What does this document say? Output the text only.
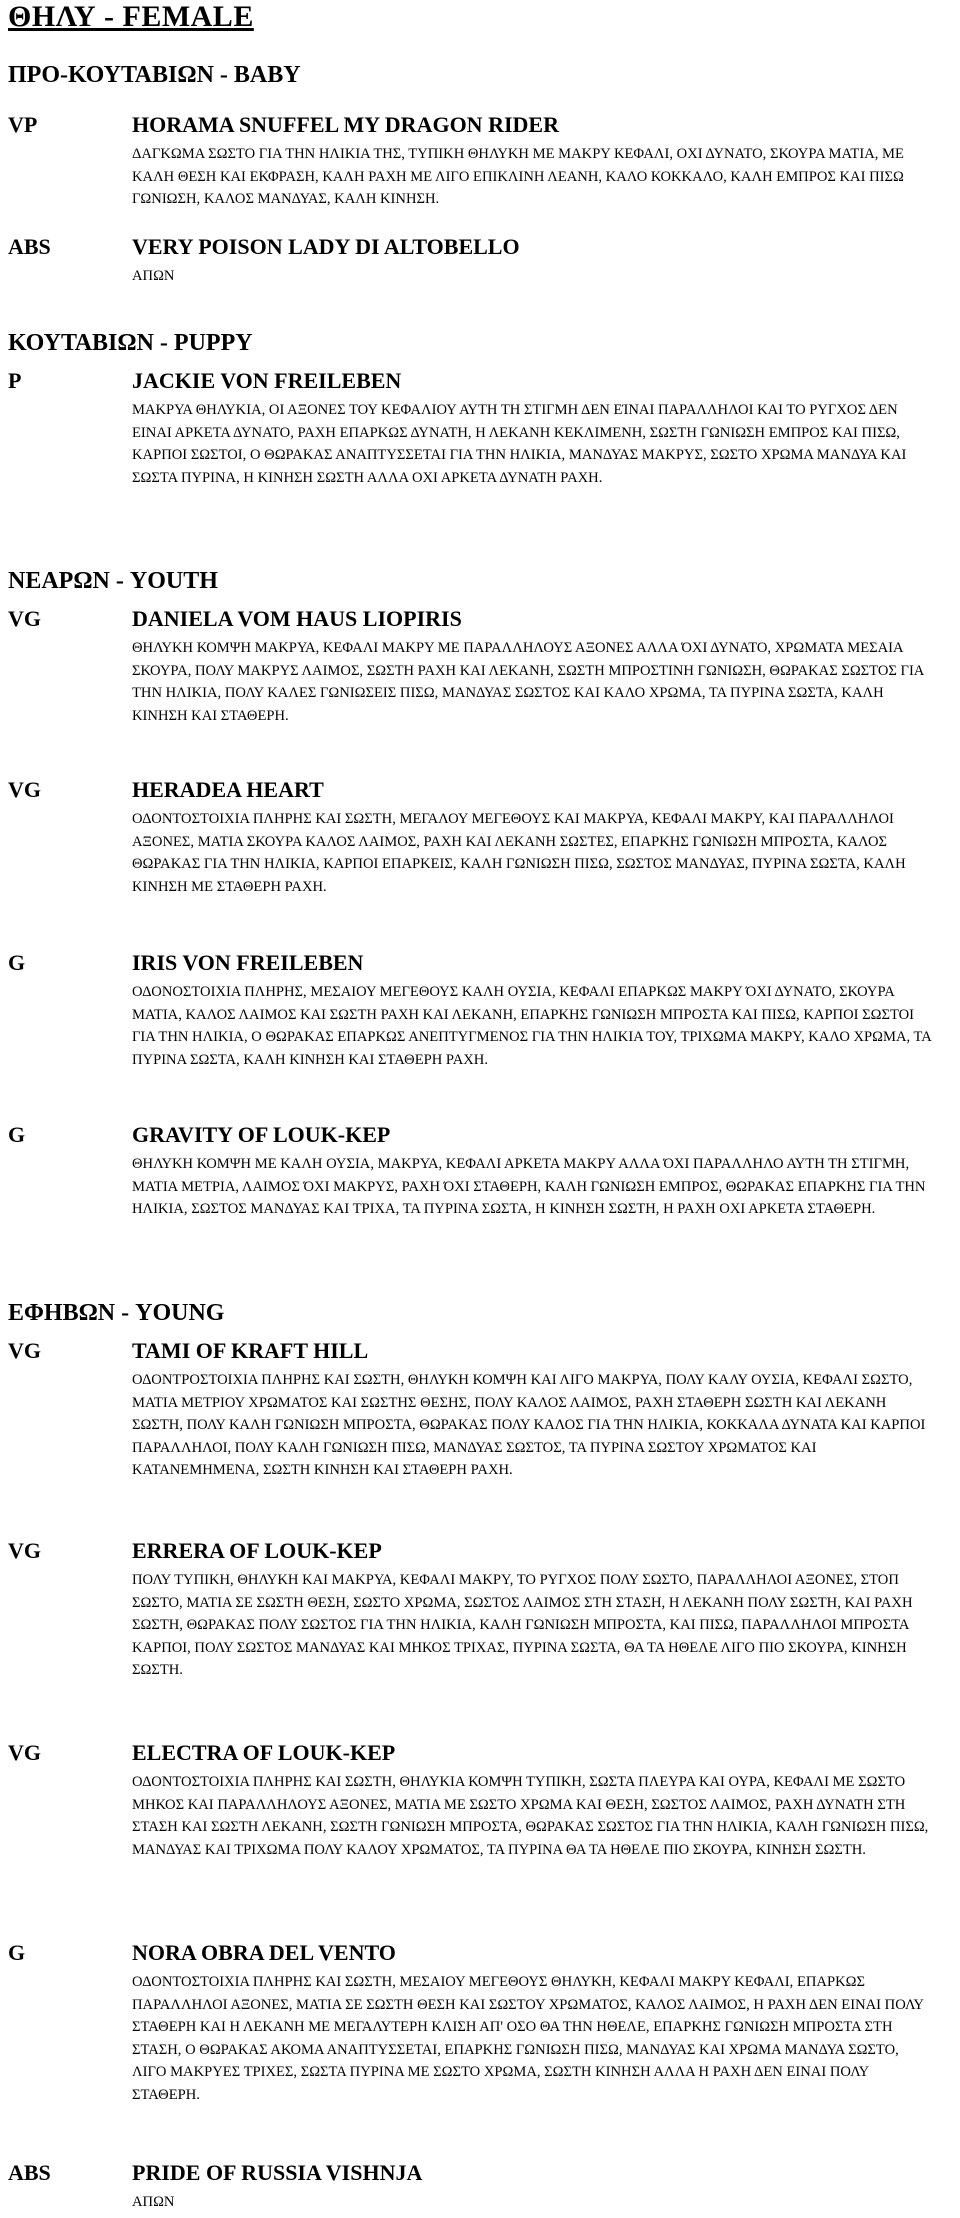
ΘΗΛΥ - FEMALE
ΠΡΟ-ΚΟΥΤΑΒΙΩΝ - BABY
VP	HORAMA SNUFFEL MY DRAGON RIDER
ΔΑΓΚΩΜΑ ΣΩΣΤΟ ΓΙΑ ΤΗΝ ΗΛΙΚΙΑ ΤΗΣ, ΤΥΠΙΚΗ ΘΗΛΥΚΗ ΜΕ ΜΑΚΡΥ ΚΕΦΑΛΙ, ΟΧΙ ΔΥΝΑΤΟ, ΣΚΟΥΡΑ ΜΑΤΙΑ, ΜΕ ΚΑΛΗ ΘΕΣΗ ΚΑΙ ΕΚΦΡΑΣΗ, ΚΑΛΗ ΡΑΧΗ ΜΕ ΛΙΓΟ ΕΠΙΚΛΙΝΗ ΛΕΑΝΗ, ΚΑΛΟ ΚΟΚΚΑΛΟ, ΚΑΛΗ ΕΜΠΡΟΣ ΚΑΙ ΠΙΣΩ ΓΩΝΙΩΣΗ, ΚΑΛΟΣ ΜΑΝΔΥΑΣ, ΚΑΛΗ ΚΙΝΗΣΗ.
ABS	VERY POISON LADY DI ALTOBELLO
ΑΠΩΝ
ΚΟΥΤΑΒΙΩΝ - PUPPY
P	JACKIE VON FREILEBEN
ΜΑΚΡΥΑ ΘΗΛΥΚΙΑ, ΟΙ ΑΞΟΝΕΣ ΤΟΥ ΚΕΦΑΛΙΟΥ ΑΥΤΗ ΤΗ ΣΤΙΓΜΗ ΔΕΝ ΕΊΝΑΙ ΠΑΡΑΛΛΗΛΟΙ ΚΑΙ ΤΟ ΡΥΓΧΟΣ ΔΕΝ ΕΙΝΑΙ ΑΡΚΕΤΑ ΔΥΝΑΤΟ, ΡΑΧΗ ΕΠΑΡΚΩΣ ΔΥΝΑΤΗ, Η ΛΕΚΑΝΗ ΚΕΚΛΙΜΕΝΗ, ΣΩΣΤΗ ΓΩΝΙΩΣΗ ΕΜΠΡΟΣ ΚΑΙ ΠΙΣΩ, ΚΑΡΠΟΙ ΣΩΣΤΟΙ, Ο ΘΩΡΑΚΑΣ ΑΝΑΠΤΥΣΣΕΤΑΙ ΓΙΑ ΤΗΝ ΗΛΙΚΙΑ, ΜΑΝΔΥΑΣ ΜΑΚΡΥΣ, ΣΩΣΤΟ ΧΡΩΜΑ ΜΑΝΔΥΑ ΚΑΙ ΣΩΣΤΑ ΠΥΡΙΝΑ, Η ΚΙΝΗΣΗ ΣΩΣΤΗ ΑΛΛΑ ΟΧΙ ΑΡΚΕΤΑ ΔΥΝΑΤΗ ΡΑΧΗ.
ΝΕΑΡΩΝ - YOUTH
VG	DANIELA VOM HAUS LIOPIRIS
ΘΗΛΥΚΗ ΚΟΜΨΗ ΜΑΚΡΥΑ, ΚΕΦΑΛΙ ΜΑΚΡΥ ΜΕ ΠΑΡΑΛΛΗΛΟΥΣ ΑΞΟΝΕΣ ΑΛΛΑ ΌΧΙ ΔΥΝΑΤΟ, ΧΡΩΜΑΤΑ ΜΕΣΑΙΑ ΣΚΟΥΡΑ, ΠΟΛΥ ΜΑΚΡΥΣ ΛΑΙΜΟΣ, ΣΩΣΤΗ ΡΑΧΗ ΚΑΙ ΛΕΚΑΝΗ, ΣΩΣΤΗ ΜΠΡΟΣΤΙΝΗ ΓΩΝΙΩΣΗ, ΘΩΡΑΚΑΣ ΣΩΣΤΟΣ ΓΙΑ ΤΗΝ ΗΛΙΚΙΑ, ΠΟΛΥ ΚΑΛΕΣ ΓΩΝΙΩΣΕΙΣ ΠΙΣΩ, ΜΑΝΔΥΑΣ ΣΩΣΤΟΣ ΚΑΙ ΚΑΛΟ ΧΡΩΜΑ, ΤΑ ΠΥΡΙΝΑ ΣΩΣΤΑ, ΚΑΛΗ ΚΙΝΗΣΗ ΚΑΙ ΣΤΑΘΕΡΗ.
VG	HERADEA HEART
ΟΔΟΝΤΟΣΤΟΙΧΙΑ ΠΛΗΡΗΣ ΚΑΙ ΣΩΣΤΗ, ΜΕΓΑΛΟΥ ΜΕΓΕΘΟΥΣ ΚΑΙ ΜΑΚΡΥΑ, ΚΕΦΑΛΙ ΜΑΚΡΥ, ΚΑΙ ΠΑΡΑΛΛΗΛΟΙ ΑΞΟΝΕΣ, ΜΑΤΙΑ ΣΚΟΥΡΑ ΚΑΛΟΣ ΛΑΙΜΟΣ, ΡΑΧΗ ΚΑΙ ΛΕΚΑΝΗ ΣΩΣΤΕΣ, ΕΠΑΡΚΗΣ ΓΩΝΙΩΣΗ ΜΠΡΟΣΤΑ, ΚΑΛΟΣ ΘΩΡΑΚΑΣ ΓΙΑ ΤΗΝ ΗΛΙΚΙΑ, ΚΑΡΠΟΙ ΕΠΑΡΚΕΙΣ, ΚΑΛΗ ΓΩΝΙΩΣΗ ΠΙΣΩ, ΣΩΣΤΟΣ ΜΑΝΔΥΑΣ, ΠΥΡΙΝΑ ΣΩΣΤΑ, ΚΑΛΗ ΚΙΝΗΣΗ ΜΕ ΣΤΑΘΕΡΗ ΡΑΧΗ.
G	IRIS VON FREILEBEN
ΟΔΟΝΟΣΤΟΙΧΙΑ ΠΛΗΡΗΣ, ΜΕΣΑΙΟΥ ΜΕΓΕΘΟΥΣ ΚΑΛΗ ΟΥΣΙΑ, ΚΕΦΑΛΙ ΕΠΑΡΚΩΣ ΜΑΚΡΥ ΌΧΙ ΔΥΝΑΤΟ, ΣΚΟΥΡΑ ΜΑΤΙΑ, ΚΑΛΟΣ ΛΑΙΜΟΣ ΚΑΙ ΣΩΣΤΗ ΡΑΧΗ ΚΑΙ ΛΕΚΑΝΗ, ΕΠΑΡΚΗΣ ΓΩΝΙΩΣΗ ΜΠΡΟΣΤΑ ΚΑΙ ΠΙΣΩ, ΚΑΡΠΟΙ ΣΩΣΤΟΙ ΓΙΑ ΤΗΝ ΗΛΙΚΙΑ, Ο ΘΩΡΑΚΑΣ ΕΠΑΡΚΩΣ ΑΝΕΠΤΥΓΜΕΝΟΣ ΓΙΑ ΤΗΝ ΗΛΙΚΙΑ ΤΟΥ, ΤΡΙΧΩΜΑ ΜΑΚΡΥ, ΚΑΛΟ ΧΡΩΜΑ, ΤΑ ΠΥΡΙΝΑ ΣΩΣΤΑ, ΚΑΛΗ ΚΙΝΗΣΗ ΚΑΙ ΣΤΑΘΕΡΗ ΡΑΧΗ.
G	GRAVITY OF LOUK-KEP
ΘΗΛΥΚΗ ΚΟΜΨΗ ΜΕ ΚΑΛΗ ΟΥΣΙΑ, ΜΑΚΡΥΑ, ΚΕΦΑΛΙ ΑΡΚΕΤΑ ΜΑΚΡΥ ΑΛΛΑ ΌΧΙ ΠΑΡΑΛΛΗΛΟ ΑΥΤΗ ΤΗ ΣΤΙΓΜΗ, ΜΑΤΙΑ ΜΕΤΡΙΑ, ΛΑΙΜΟΣ ΌΧΙ ΜΑΚΡΥΣ, ΡΑΧΗ ΌΧΙ ΣΤΑΘΕΡΗ, ΚΑΛΗ ΓΩΝΙΩΣΗ ΕΜΠΡΟΣ, ΘΩΡΑΚΑΣ ΕΠΑΡΚΗΣ ΓΙΑ ΤΗΝ ΗΛΙΚΙΑ, ΣΩΣΤΟΣ ΜΑΝΔΥΑΣ ΚΑΙ ΤΡΙΧΑ, ΤΑ ΠΥΡΙΝΑ ΣΩΣΤΑ, Η ΚΙΝΗΣΗ ΣΩΣΤΗ, Η ΡΑΧΗ ΟΧΙ ΑΡΚΕΤΑ ΣΤΑΘΕΡΗ.
ΕΦΗΒΩΝ - YOUNG
VG	TAMI OF KRAFT HILL
ΟΔΟΝΤΡΟΣΤΟΙΧΙΑ ΠΛΗΡΗΣ ΚΑΙ ΣΩΣΤΗ, ΘΗΛΥΚΗ ΚΟΜΨΗ ΚΑΙ ΛΙΓΟ ΜΑΚΡΥΑ, ΠΟΛΥ ΚΑΛΥ ΟΥΣΙΑ, ΚΕΦΑΛΙ ΣΩΣΤΟ, ΜΑΤΙΑ ΜΕΤΡΙΟΥ ΧΡΩΜΑΤΟΣ ΚΑΙ ΣΩΣΤΗΣ ΘΕΣΗΣ, ΠΟΛΥ ΚΑΛΟΣ ΛΑΙΜΟΣ, ΡΑΧΗ ΣΤΑΘΕΡΗ ΣΩΣΤΗ ΚΑΙ ΛΕΚΑΝΗ ΣΩΣΤΗ, ΠΟΛΥ ΚΑΛΗ ΓΩΝΙΩΣΗ ΜΠΡΟΣΤΑ, ΘΩΡΑΚΑΣ ΠΟΛΥ ΚΑΛΟΣ ΓΙΑ ΤΗΝ ΗΛΙΚΙΑ, ΚΟΚΚΑΛΑ ΔΥΝΑΤΑ ΚΑΙ ΚΑΡΠΟΙ ΠΑΡΑΛΛΗΛΟΙ, ΠΟΛΥ ΚΑΛΗ ΓΩΝΙΩΣΗ ΠΙΣΩ, ΜΑΝΔΥΑΣ ΣΩΣΤΟΣ, ΤΑ ΠΥΡΙΝΑ ΣΩΣΤΟΥ ΧΡΩΜΑΤΟΣ ΚΑΙ ΚΑΤΑΝΕΜΗΜΕΝΑ, ΣΩΣΤΗ ΚΙΝΗΣΗ ΚΑΙ ΣΤΑΘΕΡΗ ΡΑΧΗ.
VG	ERRERA OF LOUK-KEP
ΠΟΛΥ ΤΥΠΙΚΗ, ΘΗΛΥΚΗ ΚΑΙ ΜΑΚΡΥΑ, ΚΕΦΑΛΙ ΜΑΚΡΥ, ΤΟ ΡΥΓΧΟΣ ΠΟΛΥ ΣΩΣΤΟ, ΠΑΡΑΛΛΗΛΟΙ ΑΞΟΝΕΣ, ΣΤΟΠ ΣΩΣΤΟ, ΜΑΤΙΑ ΣΕ ΣΩΣΤΗ ΘΕΣΗ, ΣΩΣΤΟ ΧΡΩΜΑ, ΣΩΣΤΟΣ ΛΑΙΜΟΣ ΣΤΗ ΣΤΑΣΗ, Η ΛΕΚΑΝΗ ΠΟΛΥ ΣΩΣΤΗ, ΚΑΙ ΡΑΧΗ ΣΩΣΤΗ, ΘΩΡΑΚΑΣ ΠΟΛΥ ΣΩΣΤΟΣ ΓΙΑ ΤΗΝ ΗΛΙΚΙΑ, ΚΑΛΗ ΓΩΝΙΩΣΗ ΜΠΡΟΣΤΑ, ΚΑΙ ΠΙΣΩ, ΠΑΡΑΛΛΗΛΟΙ ΜΠΡΟΣΤΑ ΚΑΡΠΟΙ, ΠΟΛΥ ΣΩΣΤΟΣ ΜΑΝΔΥΑΣ ΚΑΙ ΜΗΚΟΣ ΤΡΙΧΑΣ, ΠΥΡΙΝΑ ΣΩΣΤΑ, ΘΑ ΤΑ ΗΘΕΛΕ ΛΙΓΟ ΠΙΟ ΣΚΟΥΡΑ, ΚΙΝΗΣΗ ΣΩΣΤΗ.
VG	ELECTRA OF LOUK-KEP
ΟΔΟΝΤΟΣΤΟΙΧΙΑ ΠΛΗΡΗΣ ΚΑΙ ΣΩΣΤΗ, ΘΗΛΥΚΙΑ ΚΟΜΨΗ ΤΥΠΙΚΗ, ΣΩΣΤΑ ΠΛΕΥΡΑ ΚΑΙ ΟΥΡΑ, ΚΕΦΑΛΙ ΜΕ ΣΩΣΤΟ ΜΗΚΟΣ ΚΑΙ ΠΑΡΑΛΛΗΛΟΥΣ ΑΞΟΝΕΣ, ΜΑΤΙΑ ΜΕ ΣΩΣΤΟ ΧΡΩΜΑ ΚΑΙ ΘΕΣΗ, ΣΩΣΤΟΣ ΛΑΙΜΟΣ, ΡΑΧΗ ΔΥΝΑΤΗ ΣΤΗ ΣΤΑΣΗ ΚΑΙ ΣΩΣΤΗ ΛΕΚΑΝΗ, ΣΩΣΤΗ ΓΩΝΙΩΣΗ ΜΠΡΟΣΤΑ, ΘΩΡΑΚΑΣ ΣΩΣΤΟΣ ΓΙΑ ΤΗΝ ΗΛΙΚΙΑ, ΚΑΛΗ ΓΩΝΙΩΣΗ ΠΙΣΩ, ΜΑΝΔΥΑΣ ΚΑΙ ΤΡΙΧΩΜΑ ΠΟΛΥ ΚΑΛΟΥ ΧΡΩΜΑΤΟΣ, ΤΑ ΠΥΡΙΝΑ ΘΑ ΤΑ ΗΘΕΛΕ ΠΙΟ ΣΚΟΥΡΑ, ΚΙΝΗΣΗ ΣΩΣΤΗ.
G	NORA OBRA DEL VENTO
ΟΔΟΝΤΟΣΤΟΙΧΙΑ ΠΛΗΡΗΣ ΚΑΙ ΣΩΣΤΗ, ΜΕΣΑΙΟΥ ΜΕΓΕΘΟΥΣ ΘΗΛΥΚΗ, ΚΕΦΑΛΙ ΜΑΚΡΥ ΚΕΦΑΛΙ, ΕΠΑΡΚΩΣ ΠΑΡΑΛΛΗΛΟΙ ΑΞΟΝΕΣ, ΜΑΤΙΑ ΣΕ ΣΩΣΤΗ ΘΕΣΗ ΚΑΙ ΣΩΣΤΟΥ ΧΡΩΜΑΤΟΣ, ΚΑΛΟΣ ΛΑΙΜΟΣ, Η ΡΑΧΗ ΔΕΝ ΕΙΝΑΙ ΠΟΛΥ ΣΤΑΘΕΡΗ ΚΑΙ Η ΛΕΚΑΝΗ ΜΕ ΜΕΓΑΛΥΤΕΡΗ ΚΛΙΣΗ ΑΠ' ΟΣΟ ΘΑ ΤΗΝ ΗΘΕΛΕ, ΕΠΑΡΚΗΣ ΓΩΝΙΩΣΗ ΜΠΡΟΣΤΑ ΣΤΗ ΣΤΑΣΗ, Ο ΘΩΡΑΚΑΣ ΑΚΟΜΑ ΑΝΑΠΤΥΣΣΕΤΑΙ, ΕΠΑΡΚΗΣ ΓΩΝΙΩΣΗ ΠΙΣΩ, ΜΑΝΔΥΑΣ ΚΑΙ ΧΡΩΜΑ ΜΑΝΔΥΑ ΣΩΣΤΟ, ΛΙΓΟ ΜΑΚΡΥΕΣ ΤΡΙΧΕΣ, ΣΩΣΤΑ ΠΥΡΙΝΑ ΜΕ ΣΩΣΤΟ ΧΡΩΜΑ, ΣΩΣΤΗ ΚΙΝΗΣΗ ΑΛΛΑ Η ΡΑΧΗ ΔΕΝ ΕΙΝΑΙ ΠΟΛΥ ΣΤΑΘΕΡΗ.
ABS	PRIDE OF RUSSIA VISHNJA
ΑΠΩΝ
